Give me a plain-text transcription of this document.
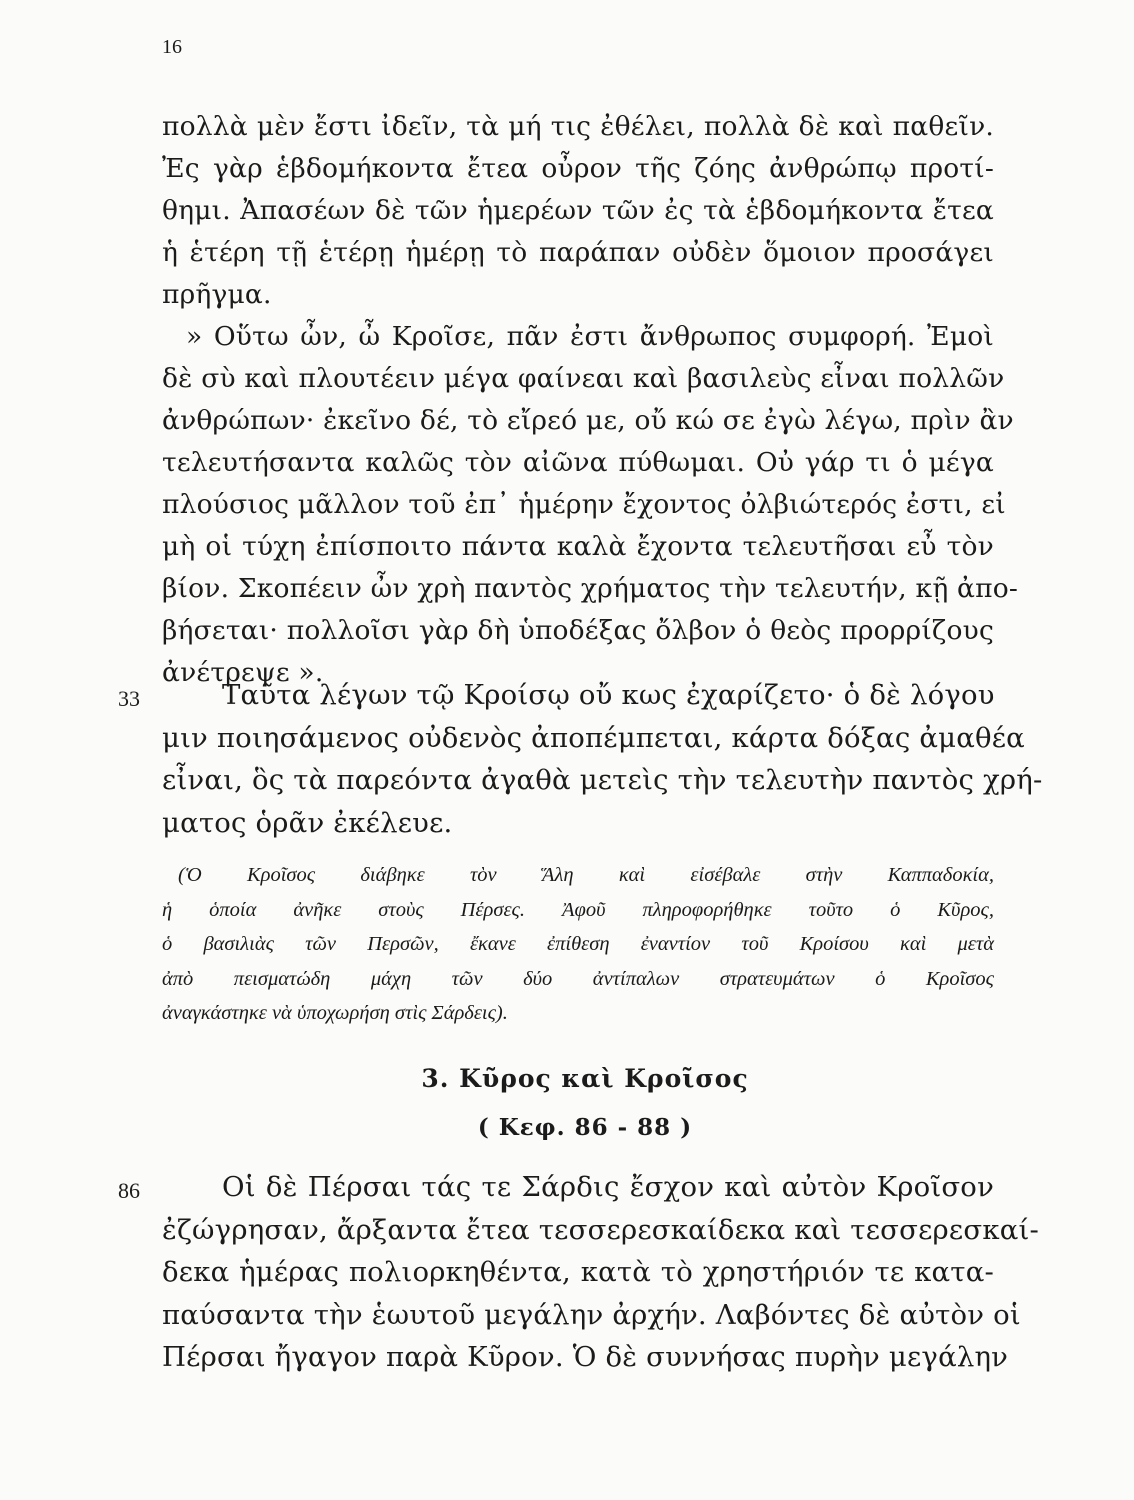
16
πολλὰ μὲν ἔστι ἰδεῖν, τὰ μή τις ἐθέλει, πολλὰ δὲ καὶ παθεῖν.
Ἐς γὰρ ἑβδομήκοντα ἔτεα οὖρον τῆς ζόης ἀνθρώπῳ προτί-
θημι. Ἀπασέων δὲ τῶν ἡμερέων τῶν ἐς τὰ ἑβδομήκοντα ἔτεα
ἡ ἑτέρη τῇ ἑτέρῃ ἡμέρῃ τὸ παράπαν οὐδὲν ὅμοιον προσάγει
πρῆγμα.
» Οὕτω ὦν, ὦ Κροῖσε, πᾶν ἐστι ἄνθρωπος συμφορή. Ἐμοὶ
δὲ σὺ καὶ πλουτέειν μέγα φαίνεαι καὶ βασιλεὺς εἶναι πολλῶν
ἀνθρώπων· ἐκεῖνο δέ, τὸ εἴρεό με, οὔ κώ σε ἐγὼ λέγω, πρὶν ἂν
τελευτήσαντα καλῶς τὸν αἰῶνα πύθωμαι. Οὐ γάρ τι ὁ μέγα
πλούσιος μᾶλλον τοῦ ἐπ᾿ ἡμέρην ἔχοντος ὀλβιώτερός ἐστι, εἰ
μὴ οἱ τύχη ἐπίσποιτο πάντα καλὰ ἔχοντα τελευτῆσαι εὖ τὸν
βίον. Σκοπέειν ὦν χρὴ παντὸς χρήματος τὴν τελευτήν, κῇ ἀπο-
βήσεται· πολλοῖσι γὰρ δὴ ὑποδέξας ὄλβον ὁ θεὸς προρρίζους
ἀνέτρεψε ».
33	Ταῦτα λέγων τῷ Κροίσῳ οὔ κως ἐχαρίζετο· ὁ δὲ λόγου
μιν ποιησάμενος οὐδενὸς ἀποπέμπεται, κάρτα δόξας ἀμαθέα
εἶναι, ὃς τὰ παρεόντα ἀγαθὰ μετεὶς τὴν τελευτὴν παντὸς χρή-
ματος ὁρᾶν ἐκέλευε.
(Ὁ Κροῖσος διάβηκε τὸν Ἅλη καὶ εἰσέβαλε στὴν Καππαδοκία,
ἡ ὁποία ἀνῆκε στοὺς Πέρσες. Ἀφοῦ πληροφορήθηκε τοῦτο ὁ Κῦρος,
ὁ βασιλιὰς τῶν Περσῶν, ἔκανε ἐπίθεση ἐναντίον τοῦ Κροίσου καὶ μετὰ
ἀπὸ πεισματώδη μάχη τῶν δύο ἀντίπαλων στρατευμάτων ὁ Κροῖσος
ἀναγκάστηκε νὰ ὑποχωρήση στὶς Σάρδεις).
3. Κῦρος καὶ Κροῖσος
( Κεφ. 86 - 88 )
86	Οἱ δὲ Πέρσαι τάς τε Σάρδις ἔσχον καὶ αὐτὸν Κροῖσον
ἐζώγρησαν, ἄρξαντα ἔτεα τεσσερεσκαίδεκα καὶ τεσσερεσκαί-
δεκα ἡμέρας πολιορκηθέντα, κατὰ τὸ χρηστήριόν τε κατα-
παύσαντα τὴν ἑωυτοῦ μεγάλην ἀρχήν. Λαβόντες δὲ αὐτὸν οἱ
Πέρσαι ἤγαγον παρὰ Κῦρον. Ὁ δὲ συννήσας πυρὴν μεγάλην
